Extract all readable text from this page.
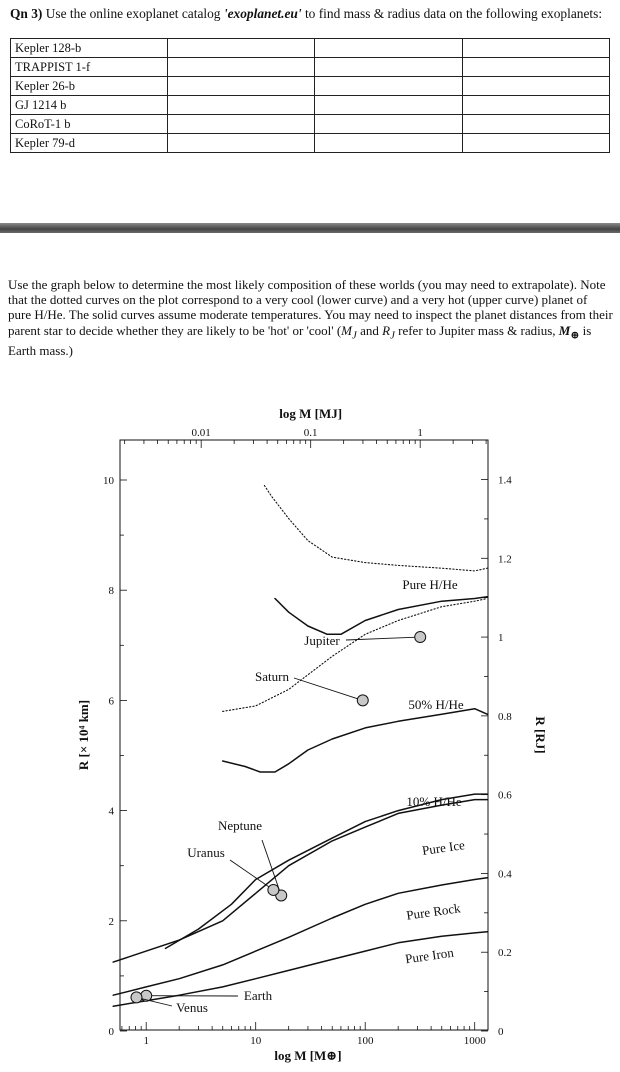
Qn 3) Use the online exoplanet catalog 'exoplanet.eu' to find mass & radius data on the following exoplanets:
Kepler 128-b			
TRAPPIST 1-f			
Kepler 26-b			
GJ 1214 b			
CoRoT-1 b			
Kepler 79-d			
Use the graph below to determine the most likely composition of these worlds (you may need to extrapolate). Note that the dotted curves on the plot correspond to a very cool (lower curve) and a very hot (upper curve) planet of pure H/He. The solid curves assume moderate temperatures. You may need to inspect the planet distances from their parent star to decide whether they are likely to be 'hot' or 'cool' ($M_J$ and $R_J$ refer to Jupiter mass & radius, $M_\oplus$ is Earth mass.)
1	10	100	1000
0.01	0.1	1
0
2
4
6
8
10
0
0.2
0.4
0.6
0.8
1
1.2
1.4
log M [MJ]
log M [M⊕]
R [× 10⁴ km]	R [RJ]
Pure H/He
50% H/He
10% H/He
Pure Ice
Pure Rock
Pure Iron
Jupiter
Saturn
Neptune
Uranus
Earth
Venus
